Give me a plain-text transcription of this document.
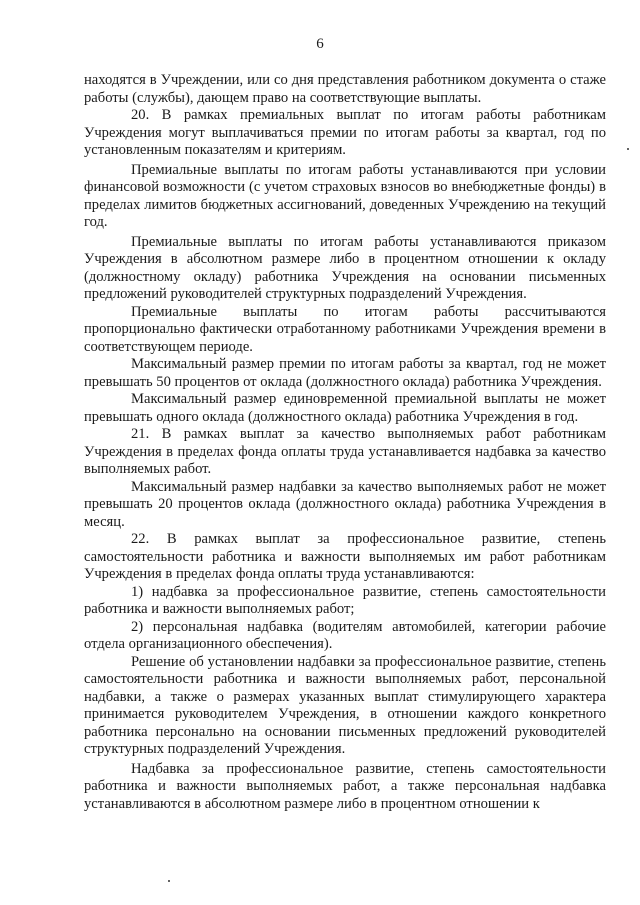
6

находятся в Учреждении, или со дня представления работником документа о стаже работы (службы), дающем право на соответствующие выплаты.

20. В рамках премиальных выплат по итогам работы работникам Учреждения могут выплачиваться премии по итогам работы за квартал, год по установленным показателям и критериям.

Премиальные выплаты по итогам работы устанавливаются при условии финансовой возможности (с учетом страховых взносов во внебюджетные фонды) в пределах лимитов бюджетных ассигнований, доведенных Учреждению на текущий год.

Премиальные выплаты по итогам работы устанавливаются приказом Учреждения в абсолютном размере либо в процентном отношении к окладу (должностному окладу) работника Учреждения на основании письменных предложений руководителей структурных подразделений Учреждения.

Премиальные выплаты по итогам работы рассчитываются пропорционально фактически отработанному работниками Учреждения времени в соответствующем периоде.

Максимальный размер премии по итогам работы за квартал, год не может превышать 50 процентов от оклада (должностного оклада) работника Учреждения.

Максимальный размер единовременной премиальной выплаты не может превышать одного оклада (должностного оклада) работника Учреждения в год.

21. В рамках выплат за качество выполняемых работ работникам Учреждения в пределах фонда оплаты труда устанавливается надбавка за качество выполняемых работ.

Максимальный размер надбавки за качество выполняемых работ не может превышать 20 процентов оклада (должностного оклада) работника Учреждения в месяц.

22. В рамках выплат за профессиональное развитие, степень самостоятельности работника и важности выполняемых им работ работникам Учреждения в пределах фонда оплаты труда устанавливаются:

1) надбавка за профессиональное развитие, степень самостоятельности работника и важности выполняемых работ;

2) персональная надбавка (водителям автомобилей, категории рабочие отдела организационного обеспечения).

Решение об установлении надбавки за профессиональное развитие, степень самостоятельности работника и важности выполняемых работ, персональной надбавки, а также о размерах указанных выплат стимулирующего характера принимается руководителем Учреждения, в отношении каждого конкретного работника персонально на основании письменных предложений руководителей структурных подразделений Учреждения.

Надбавка за профессиональное развитие, степень самостоятельности работника и важности выполняемых работ, а также персональная надбавка устанавливаются в абсолютном размере либо в процентном отношении к
